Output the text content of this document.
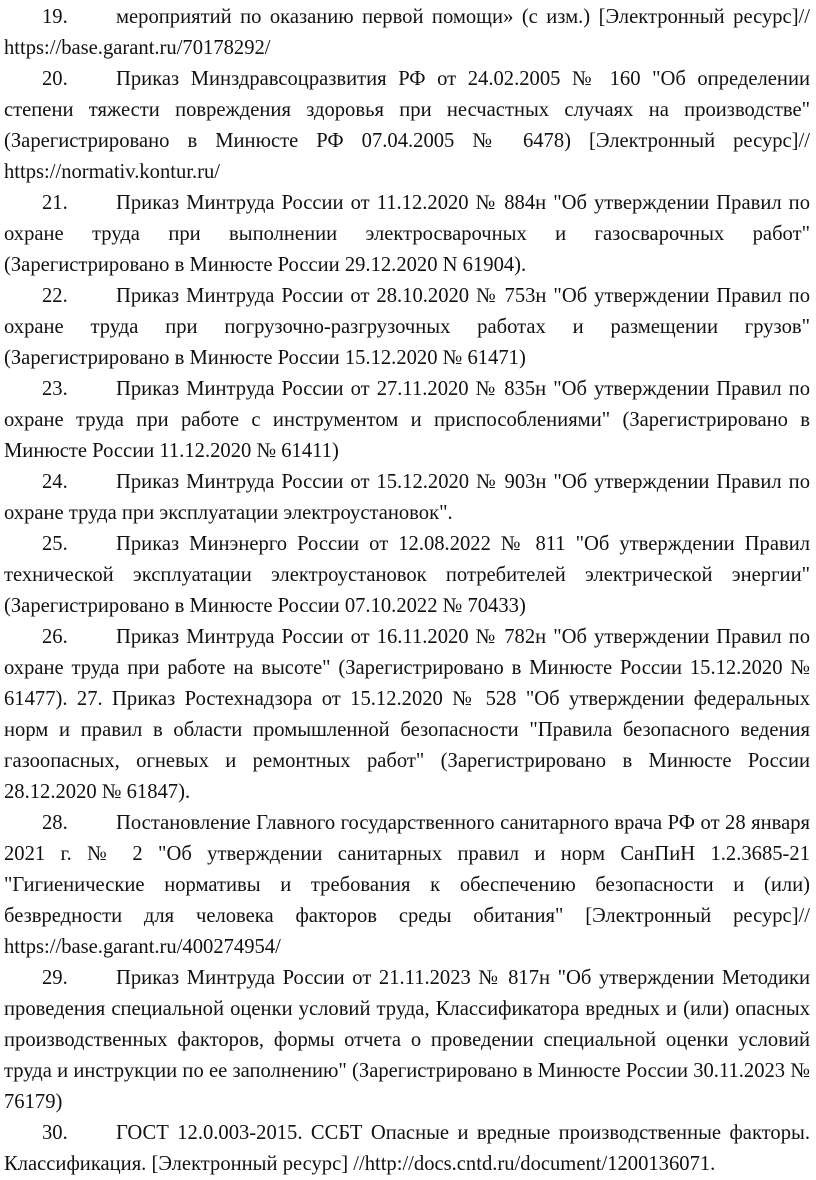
19. мероприятий по оказанию первой помощи» (с изм.) [Электронный ресурс]// https://base.garant.ru/70178292/

20. Приказ Минздравсоцразвития РФ от 24.02.2005 № 160 "Об определении степени тяжести повреждения здоровья при несчастных случаях на производстве" (Зарегистрировано в Минюсте РФ 07.04.2005 № 6478) [Электронный ресурс]// https://normativ.kontur.ru/

21. Приказ Минтруда России от 11.12.2020 № 884н "Об утверждении Правил по охране труда при выполнении электросварочных и газосварочных работ" (Зарегистрировано в Минюсте России 29.12.2020 N 61904).

22. Приказ Минтруда России от 28.10.2020 № 753н "Об утверждении Правил по охране труда при погрузочно-разгрузочных работах и размещении грузов" (Зарегистрировано в Минюсте России 15.12.2020 № 61471)

23. Приказ Минтруда России от 27.11.2020 № 835н "Об утверждении Правил по охране труда при работе с инструментом и приспособлениями" (Зарегистрировано в Минюсте России 11.12.2020 № 61411)

24. Приказ Минтруда России от 15.12.2020 № 903н "Об утверждении Правил по охране труда при эксплуатации электроустановок".

25. Приказ Минэнерго России от 12.08.2022 № 811 "Об утверждении Правил технической эксплуатации электроустановок потребителей электрической энергии" (Зарегистрировано в Минюсте России 07.10.2022 № 70433)

26. Приказ Минтруда России от 16.11.2020 № 782н "Об утверждении Правил по охране труда при работе на высоте" (Зарегистрировано в Минюсте России 15.12.2020 № 61477). 27. Приказ Ростехнадзора от 15.12.2020 № 528 "Об утверждении федеральных норм и правил в области промышленной безопасности "Правила безопасного ведения газоопасных, огневых и ремонтных работ" (Зарегистрировано в Минюсте России 28.12.2020 № 61847).

28. Постановление Главного государственного санитарного врача РФ от 28 января 2021 г. № 2 "Об утверждении санитарных правил и норм СанПиН 1.2.3685-21 "Гигиенические нормативы и требования к обеспечению безопасности и (или) безвредности для человека факторов среды обитания" [Электронный ресурс]// https://base.garant.ru/400274954/

29. Приказ Минтруда России от 21.11.2023 № 817н "Об утверждении Методики проведения специальной оценки условий труда, Классификатора вредных и (или) опасных производственных факторов, формы отчета о проведении специальной оценки условий труда и инструкции по ее заполнению" (Зарегистрировано в Минюсте России 30.11.2023 № 76179)

30. ГОСТ 12.0.003-2015. ССБТ Опасные и вредные производственные факторы. Классификация. [Электронный ресурс] //http://docs.cntd.ru/document/1200136071.
